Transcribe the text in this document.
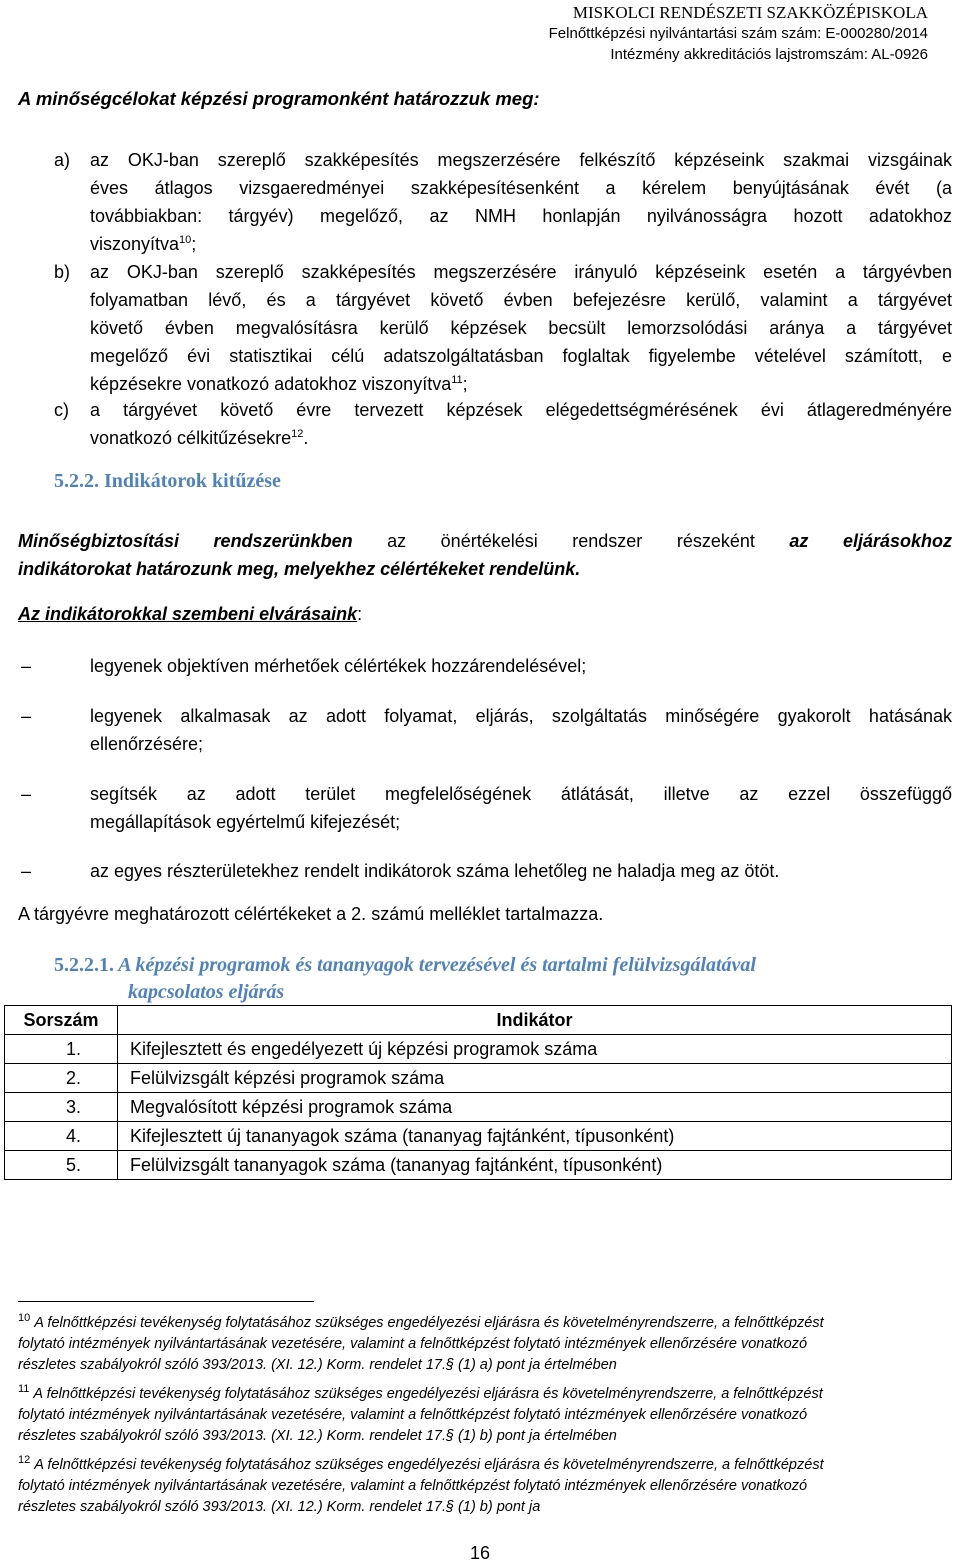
MISKOLCI RENDÉSZETI SZAKKÖZÉPISKOLA
Felnőttképzési nyilvántartási szám szám: E-000280/2014
Intézmény akkreditációs lajstromszám: AL-0926
A minőségcélokat képzési programonként határozzuk meg:
a) az OKJ-ban szereplő szakképesítés megszerzésére felkészítő képzéseink szakmai vizsgáinak
éves átlagos vizsgaeredményei szakképesítésenként a kérelem benyújtásának évét (a
továbbiakban: tárgyév) megelőző, az NMH honlapján nyilvánosságra hozott adatokhoz
viszonyítva$^{10}$;
b) az OKJ-ban szereplő szakképesítés megszerzésére irányuló képzéseink esetén a tárgyévben
folyamatban lévő, és a tárgyévet követő évben befejezésre kerülő, valamint a tárgyévet
követő évben megvalósításra kerülő képzések becsült lemorzsolódási aránya a tárgyévet
megelőző évi statisztikai célú adatszolgáltatásban foglaltak figyelembe vételével számított, e
képzésekre vonatkozó adatokhoz viszonyítva$^{11}$;
c) a tárgyévet követő évre tervezett képzések elégedettségmérésének évi átlageredményére
vonatkozó célkitűzésekre$^{12}$.
5.2.2. Indikátorok kitűzése
Minőségbiztosítási rendszerünkben az önértékelési rendszer részeként az eljárásokhoz
indikátorokat határozunk meg, melyekhez célértékeket rendelünk.
Az indikátorokkal szembeni elvárásaink:
–	legyenek objektíven mérhetőek célértékek hozzárendelésével;
–	legyenek alkalmasak az adott folyamat, eljárás, szolgáltatás minőségére gyakorolt hatásának
ellenőrzésére;
–	segítsék az adott terület megfelelőségének átlátását, illetve az ezzel összefüggő
megállapítások egyértelmű kifejezését;
–	az egyes részterületekhez rendelt indikátorok száma lehetőleg ne haladja meg az ötöt.
A tárgyévre meghatározott célértékeket a 2. számú melléklet tartalmazza.
5.2.2.1. A képzési programok és tananyagok tervezésével és tartalmi felülvizsgálatával
kapcsolatos eljárás
Sorszám	Indikátor
1.	Kifejlesztett és engedélyezett új képzési programok száma
2.	Felülvizsgált képzési programok száma
3.	Megvalósított képzési programok száma
4.	Kifejlesztett új tananyagok száma (tananyag fajtánként, típusonként)
5.	Felülvizsgált tananyagok száma (tananyag fajtánként, típusonként)
$^{10}$ A felnőttképzési tevékenység folytatásához szükséges engedélyezési eljárásra és követelményrendszerre, a felnőttképzést
folytató intézmények nyilvántartásának vezetésére, valamint a felnőttképzést folytató intézmények ellenőrzésére vonatkozó
részletes szabályokról szóló 393/2013. (XI. 12.) Korm. rendelet 17.§ (1) a) pont ja értelmében
$^{11}$ A felnőttképzési tevékenység folytatásához szükséges engedélyezési eljárásra és követelményrendszerre, a felnőttképzést
folytató intézmények nyilvántartásának vezetésére, valamint a felnőttképzést folytató intézmények ellenőrzésére vonatkozó
részletes szabályokról szóló 393/2013. (XI. 12.) Korm. rendelet 17.§ (1) b) pont ja értelmében
$^{12}$ A felnőttképzési tevékenység folytatásához szükséges engedélyezési eljárásra és követelményrendszerre, a felnőttképzést
folytató intézmények nyilvántartásának vezetésére, valamint a felnőttképzést folytató intézmények ellenőrzésére vonatkozó
részletes szabályokról szóló 393/2013. (XI. 12.) Korm. rendelet 17.§ (1) b) pont ja
16
